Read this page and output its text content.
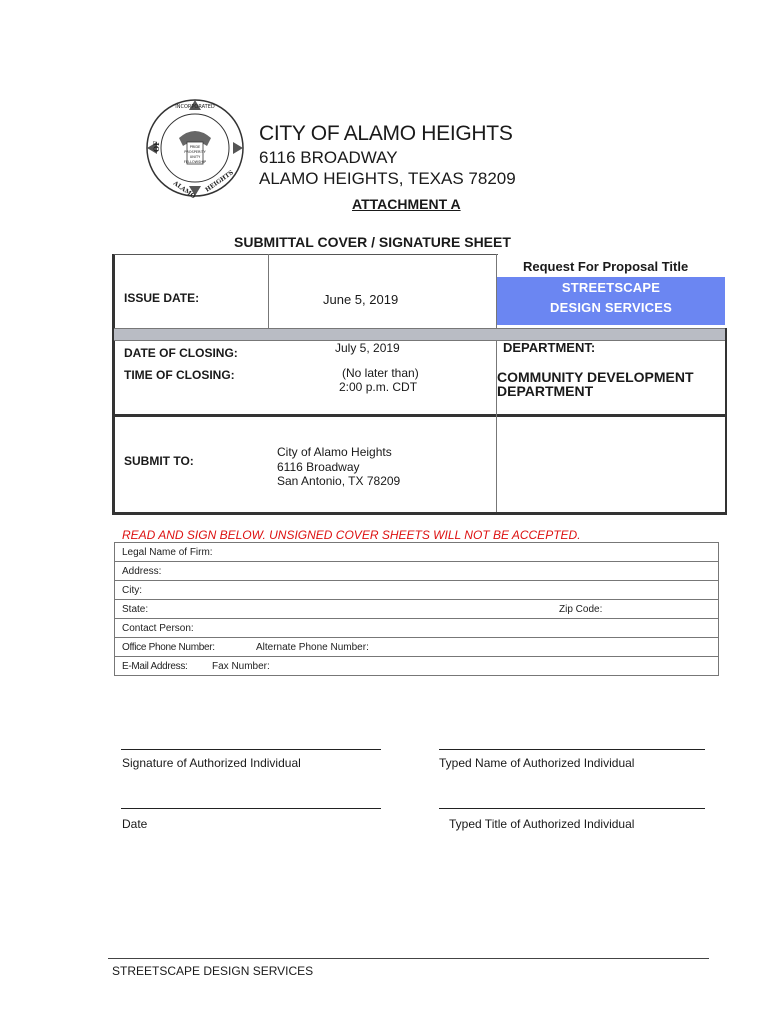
INCORPORATED
OF
ALAMO HEIGHTS
PRIDE
PROSPERITY
UNITY
FELLOWSHIP
CITY OF ALAMO HEIGHTS
6116 BROADWAY
ALAMO HEIGHTS, TEXAS 78209
ATTACHMENT A
SUBMITTAL COVER / SIGNATURE SHEET
Request For Proposal Title
STREETSCAPE
DESIGN SERVICES
ISSUE DATE:	June 5, 2019
DATE OF CLOSING:	July 5, 2019
TIME OF CLOSING:	(No later than)
2:00 p.m. CDT
DEPARTMENT:
COMMUNITY DEVELOPMENT
DEPARTMENT
SUBMIT TO:
City of Alamo Heights
6116 Broadway
San Antonio, TX 78209
READ AND SIGN BELOW. UNSIGNED COVER SHEETS WILL NOT BE ACCEPTED.
Legal Name of Firm:
Address:
City:
State:	Zip Code:
Contact Person:
Office Phone Number:	Alternate Phone Number:
E-Mail Address: Fax Number:
Signature of Authorized Individual	Typed Name of Authorized Individual
Date	Typed Title of Authorized Individual
STREETSCAPE DESIGN SERVICES
